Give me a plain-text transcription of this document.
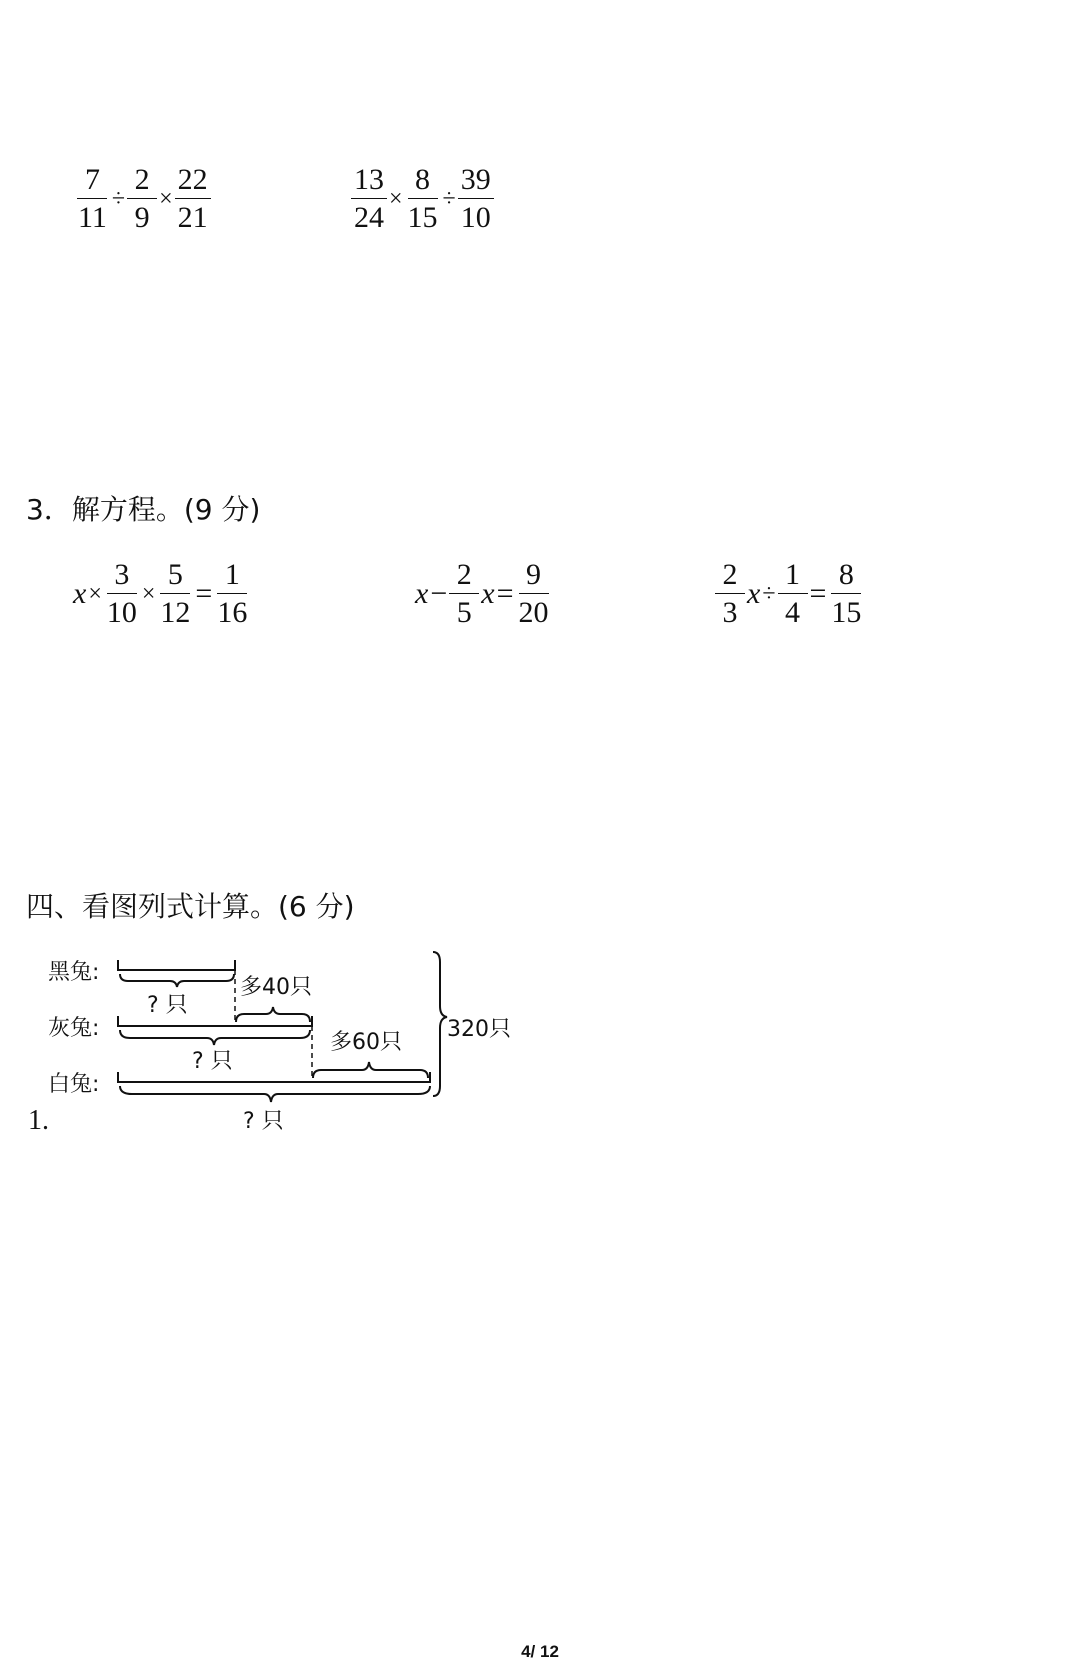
$\frac{7}{11} \div \frac{2}{9} \times \frac{22}{21}$	$\frac{13}{24} \times \frac{8}{15} \div \frac{39}{10}$
3．解方程。(9 分)
$x \times \frac{3}{10} \times \frac{5}{12} = \frac{1}{16}$	$x - \frac{2}{5}$ $x = \frac{9}{20}$	$\frac{2}{3}$ $x \div \frac{1}{4} = \frac{8}{15}$
四、看图列式计算。(6 分)
黑兔:
灰兔:
白兔:
? 只
多40只
? 只
多60只
? 只
320只
1.
4/ 12
